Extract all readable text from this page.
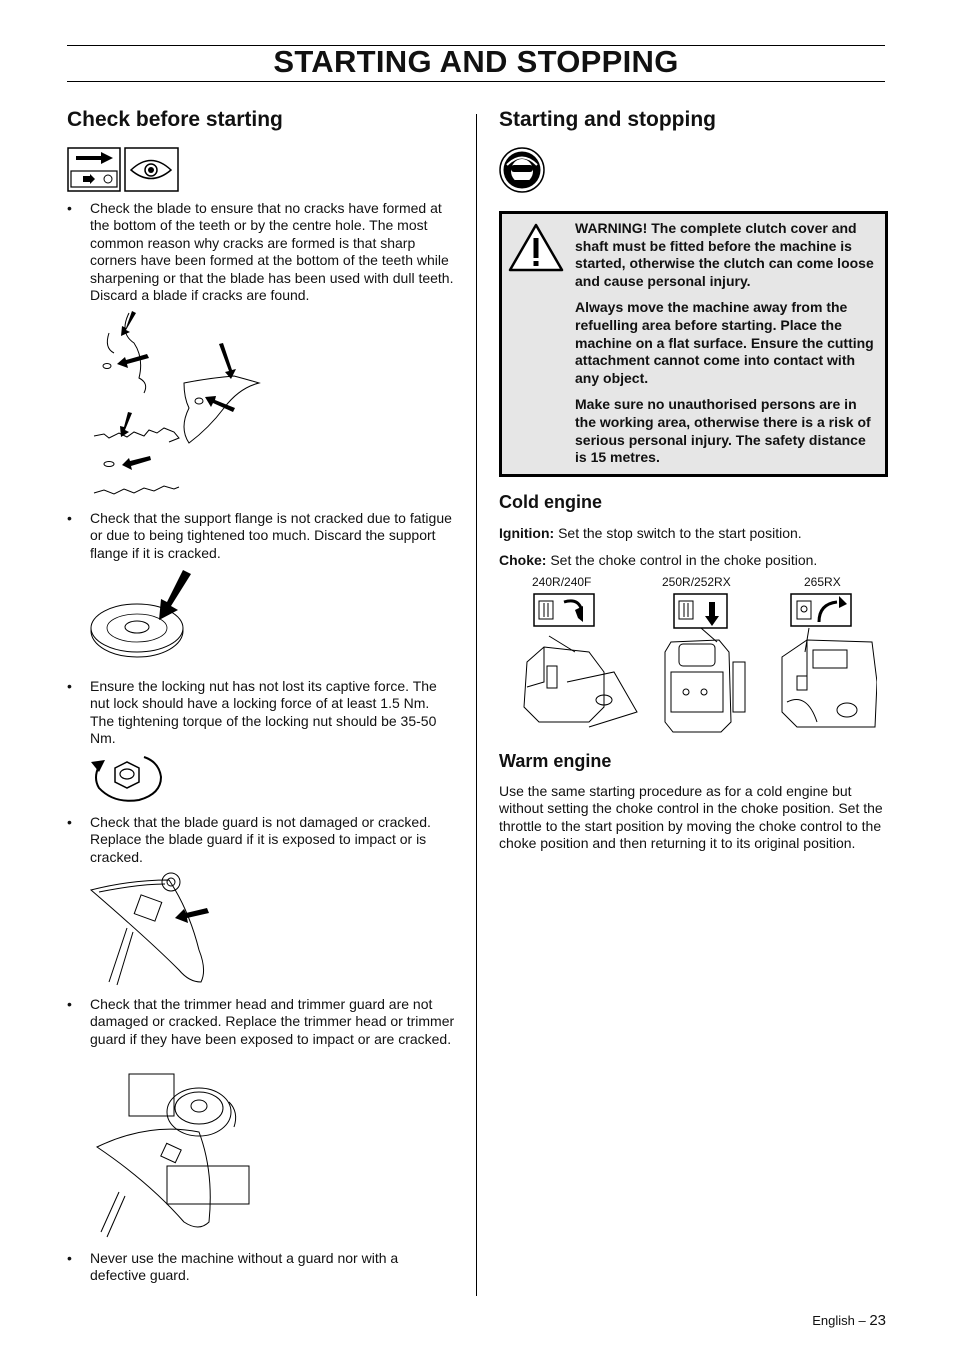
STARTING AND STOPPING
Check before starting
• Check the blade to ensure that no cracks have formed at the bottom of the teeth or by the centre hole. The most common reason why cracks are formed is that sharp corners have been formed at the bottom of the teeth while sharpening or that the blade has been used with dull teeth. Discard a blade if cracks are found.
• Check that the support flange is not cracked due to fatigue or due to being tightened too much. Discard the support flange if it is cracked.
• Ensure the locking nut has not lost its captive force. The nut lock should have a locking force of at least 1.5 Nm. The tightening torque of the locking nut should be 35-50 Nm.
• Check that the blade guard is not damaged or cracked. Replace the blade guard if it is exposed to impact or is cracked.
• Check that the trimmer head and trimmer guard are not damaged or cracked. Replace the trimmer head or trimmer guard if they have been exposed to impact or are cracked.
• Never use the machine without a guard nor with a defective guard.
Starting and stopping

WARNING! The complete clutch cover and shaft must be fitted before the machine is started, otherwise the clutch can come loose and cause personal injury.

Always move the machine away from the refuelling area before starting. Place the machine on a flat surface. Ensure the cutting attachment cannot come into contact with any object.

Make sure no unauthorised persons are in the working area, otherwise there is a risk of serious personal injury. The safety distance is 15 metres.

Cold engine
Ignition: Set the stop switch to the start position.
Choke: Set the choke control in the choke position.
240R/240F	250R/252RX	265RX
Warm engine
Use the same starting procedure as for a cold engine but without setting the choke control in the choke position. Set the throttle to the start position by moving the choke control to the choke position and then returning it to its original position.
English – 23
